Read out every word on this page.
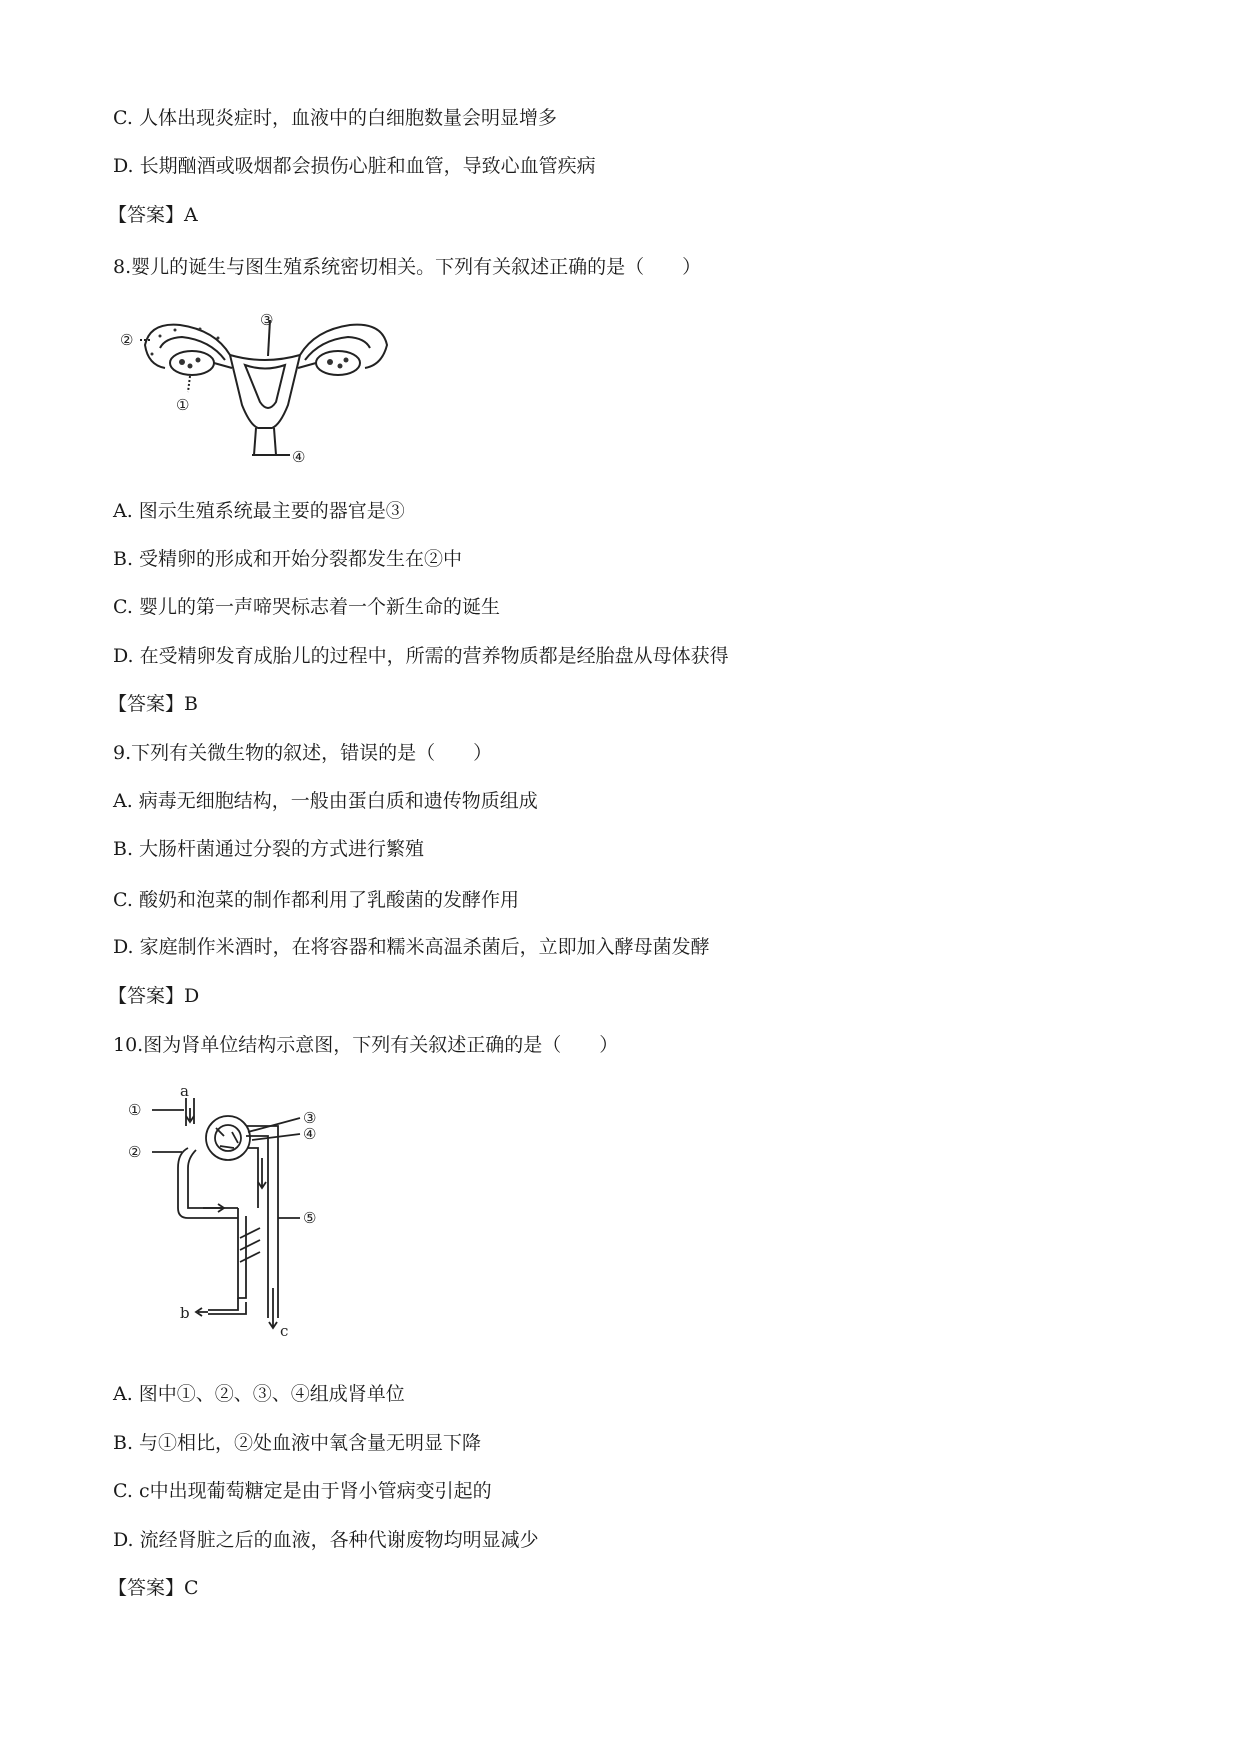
C. 人体出现炎症时，血液中的白细胞数量会明显增多
D. 长期酗酒或吸烟都会损伤心脏和血管，导致心血管疾病
【答案】A
8.婴儿的诞生与图生殖系统密切相关。下列有关叙述正确的是（　　）
②
③
①
④
A. 图示生殖系统最主要的器官是③
B. 受精卵的形成和开始分裂都发生在②中
C. 婴儿的第一声啼哭标志着一个新生命的诞生
D. 在受精卵发育成胎儿的过程中，所需的营养物质都是经胎盘从母体获得
【答案】B
9.下列有关微生物的叙述，错误的是（　　）
A. 病毒无细胞结构，一般由蛋白质和遗传物质组成
B. 大肠杆菌通过分裂的方式进行繁殖
C. 酸奶和泡菜的制作都利用了乳酸菌的发酵作用
D. 家庭制作米酒时，在将容器和糯米高温杀菌后，立即加入酵母菌发酵
【答案】D
10.图为肾单位结构示意图，下列有关叙述正确的是（　　）
a
①
②
③
④
⑤
b
c
A. 图中①、②、③、④组成肾单位
B. 与①相比，②处血液中氧含量无明显下降
C. c中出现葡萄糖定是由于肾小管病变引起的
D. 流经肾脏之后的血液，各种代谢废物均明显减少
【答案】C
